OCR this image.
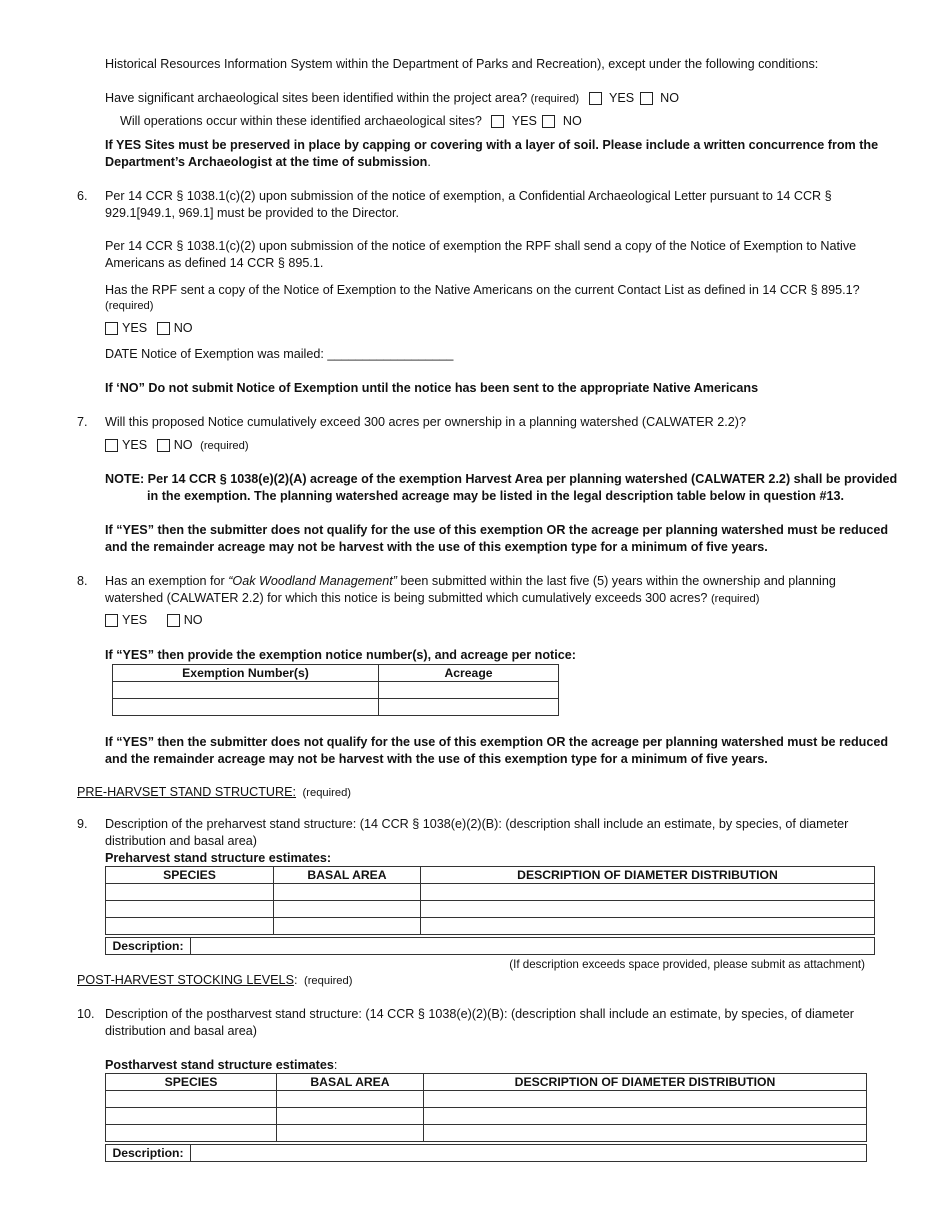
Historical Resources Information System within the Department of Parks and Recreation), except under the following conditions:
Have significant archaeological sites been identified within the project area? (required) YES NO
Will operations occur within these identified archaeological sites? YES NO
If YES Sites must be preserved in place by capping or covering with a layer of soil. Please include a written concurrence from the
Department’s Archaeologist at the time of submission.
6. Per 14 CCR § 1038.1(c)(2) upon submission of the notice of exemption, a Confidential Archaeological Letter pursuant to 14 CCR §
929.1[949.1, 969.1] must be provided to the Director.
Per 14 CCR § 1038.1(c)(2) upon submission of the notice of exemption the RPF shall send a copy of the Notice of Exemption to Native
Americans as defined 14 CCR § 895.1.
Has the RPF sent a copy of the Notice of Exemption to the Native Americans on the current Contact List as defined in 14 CCR § 895.1?
(required)
YES NO
DATE Notice of Exemption was mailed: __________________
If ‘NO” Do not submit Notice of Exemption until the notice has been sent to the appropriate Native Americans
7. Will this proposed Notice cumulatively exceed 300 acres per ownership in a planning watershed (CALWATER 2.2)?
YES NO (required)
NOTE: Per 14 CCR § 1038(e)(2)(A) acreage of the exemption Harvest Area per planning watershed (CALWATER 2.2) shall be provided
in the exemption. The planning watershed acreage may be listed in the legal description table below in question #13.
If “YES” then the submitter does not qualify for the use of this exemption OR the acreage per planning watershed must be reduced
and the remainder acreage may not be harvest with the use of this exemption type for a minimum of five years.
8. Has an exemption for “Oak Woodland Management” been submitted within the last five (5) years within the ownership and planning
watershed (CALWATER 2.2) for which this notice is being submitted which cumulatively exceeds 300 acres? (required)
YES	NO
If “YES” then provide the exemption notice number(s), and acreage per notice:
Exemption Number(s)	Acreage

If “YES” then the submitter does not qualify for the use of this exemption OR the acreage per planning watershed must be reduced
and the remainder acreage may not be harvest with the use of this exemption type for a minimum of five years.
PRE-HARVSET STAND STRUCTURE: (required)
9. Description of the preharvest stand structure: (14 CCR § 1038(e)(2)(B): (description shall include an estimate, by species, of diameter
distribution and basal area)
Preharvest stand structure estimates:
SPECIES	BASAL AREA	DESCRIPTION OF DIAMETER DISTRIBUTION

Description:	
(If description exceeds space provided, please submit as attachment)
POST-HARVEST STOCKING LEVELS: (required)
10. Description of the postharvest stand structure: (14 CCR § 1038(e)(2)(B): (description shall include an estimate, by species, of diameter
distribution and basal area)
Postharvest stand structure estimates:
SPECIES	BASAL AREA	DESCRIPTION OF DIAMETER DISTRIBUTION

Description:	
